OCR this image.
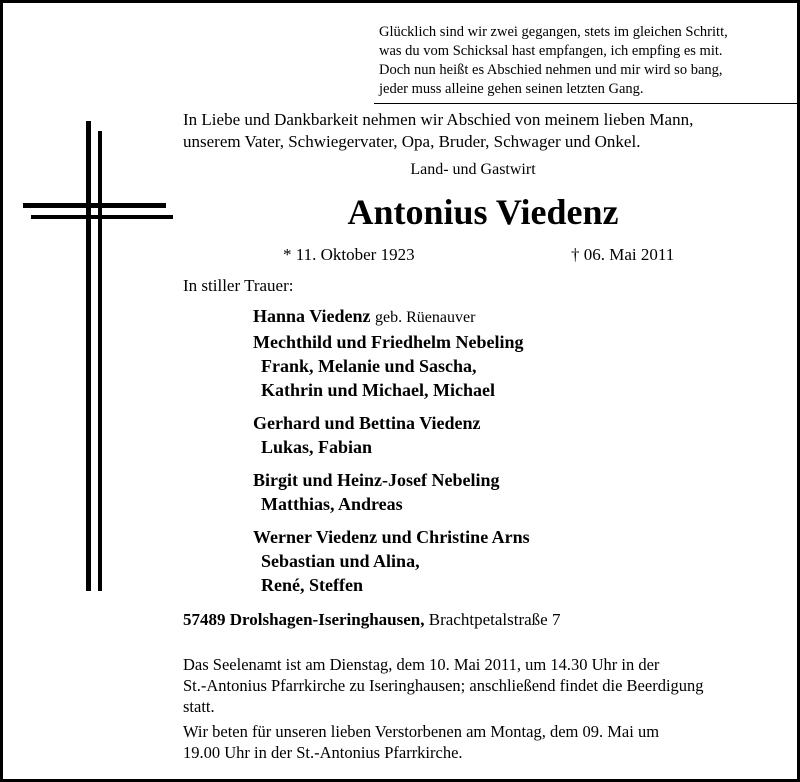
Glücklich sind wir zwei gegangen, stets im gleichen Schritt,
was du vom Schicksal hast empfangen, ich empfing es mit.
Doch nun heißt es Abschied nehmen und mir wird so bang,
jeder muss alleine gehen seinen letzten Gang.
In Liebe und Dankbarkeit nehmen wir Abschied von meinem lieben Mann,
unserem Vater, Schwiegervater, Opa, Bruder, Schwager und Onkel.
Land- und Gastwirt
Antonius Viedenz
* 11. Oktober 1923	† 06. Mai 2011
In stiller Trauer:
Hanna Viedenz geb. Rüenauver
Mechthild und Friedhelm Nebeling
Frank, Melanie und Sascha,
Kathrin und Michael, Michael
Gerhard und Bettina Viedenz
Lukas, Fabian
Birgit und Heinz-Josef Nebeling
Matthias, Andreas
Werner Viedenz und Christine Arns
Sebastian und Alina,
René, Steffen
57489 Drolshagen-Iseringhausen, Brachtpetalstraße 7
Das Seelenamt ist am Dienstag, dem 10. Mai 2011, um 14.30 Uhr in der
St.-Antonius Pfarrkirche zu Iseringhausen; anschließend findet die Beerdigung
statt.
Wir beten für unseren lieben Verstorbenen am Montag, dem 09. Mai um
19.00 Uhr in der St.-Antonius Pfarrkirche.
